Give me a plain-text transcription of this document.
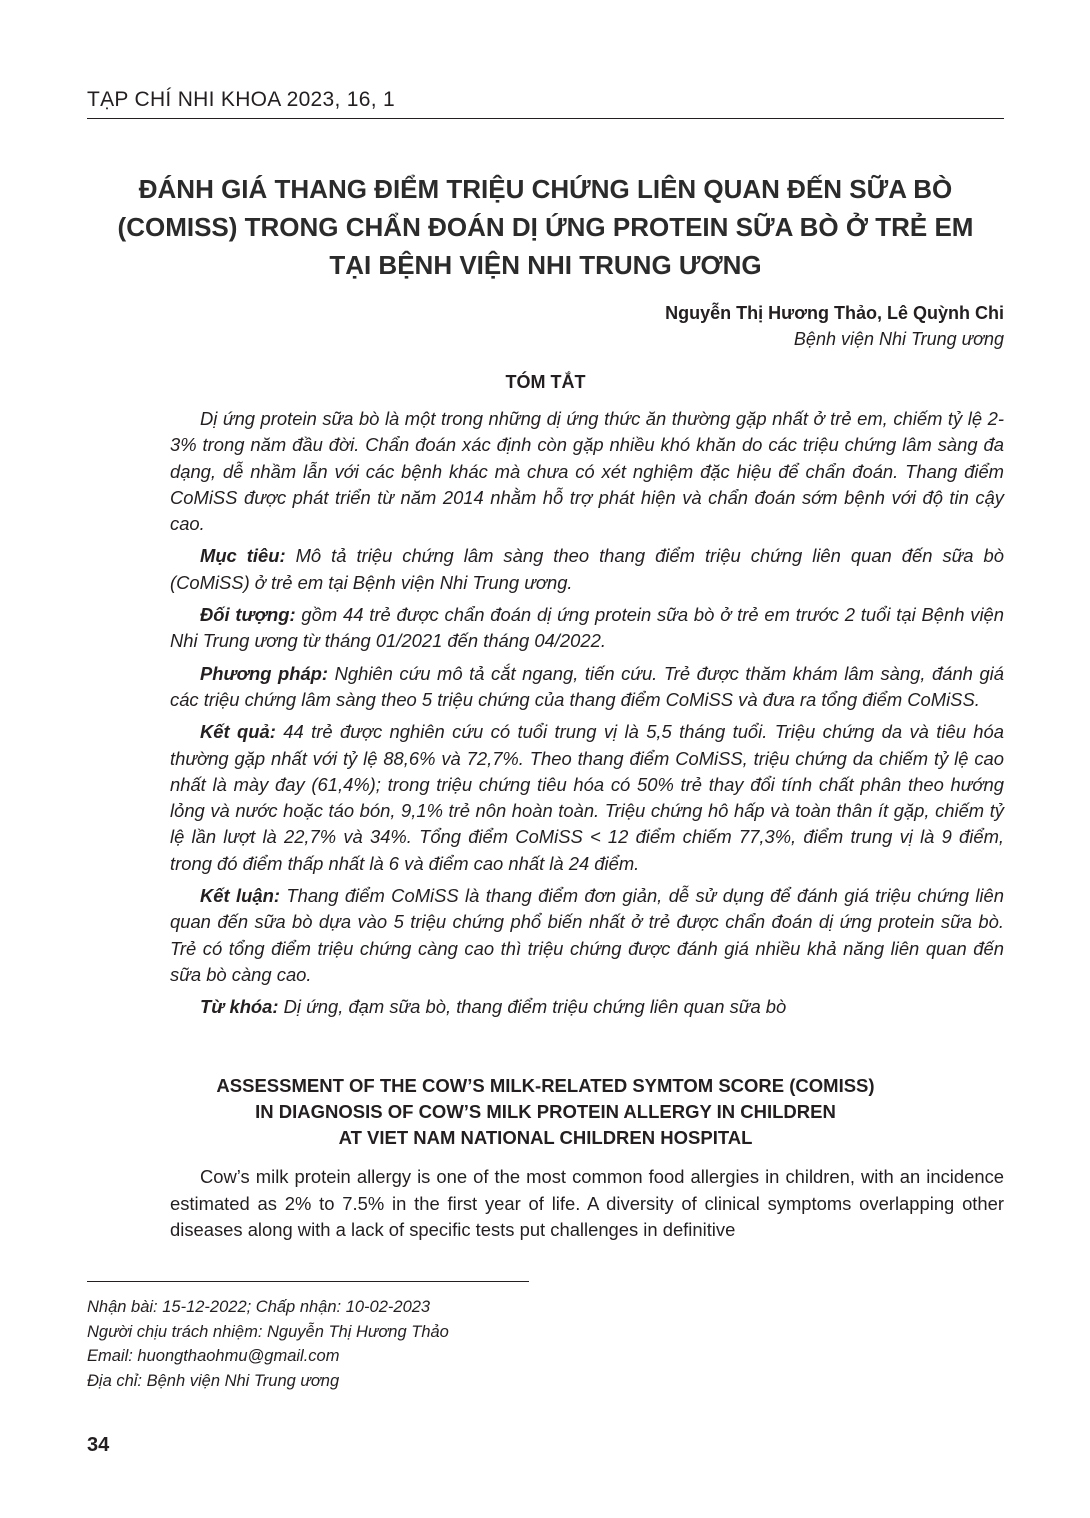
TẠP CHÍ NHI KHOA 2023, 16, 1
ĐÁNH GIÁ THANG ĐIỂM TRIỆU CHỨNG LIÊN QUAN ĐẾN SỮA BÒ
(COMISS) TRONG CHẨN ĐOÁN DỊ ỨNG PROTEIN SỮA BÒ Ở TRẺ EM
TẠI BỆNH VIỆN NHI TRUNG ƯƠNG
Nguyễn Thị Hương Thảo, Lê Quỳnh Chi
Bệnh viện Nhi Trung ương
TÓM TẮT

Dị ứng protein sữa bò là một trong những dị ứng thức ăn thường gặp nhất ở trẻ em, chiếm tỷ lệ 2-3% trong năm đầu đời. Chẩn đoán xác định còn gặp nhiều khó khăn do các triệu chứng lâm sàng đa dạng, dễ nhầm lẫn với các bệnh khác mà chưa có xét nghiệm đặc hiệu để chẩn đoán. Thang điểm CoMiSS được phát triển từ năm 2014 nhằm hỗ trợ phát hiện và chẩn đoán sớm bệnh với độ tin cậy cao.

Mục tiêu: Mô tả triệu chứng lâm sàng theo thang điểm triệu chứng liên quan đến sữa bò (CoMiSS) ở trẻ em tại Bệnh viện Nhi Trung ương.

Đối tượng: gồm 44 trẻ được chẩn đoán dị ứng protein sữa bò ở trẻ em trước 2 tuổi tại Bệnh viện Nhi Trung ương từ tháng 01/2021 đến tháng 04/2022.

Phương pháp: Nghiên cứu mô tả cắt ngang, tiến cứu. Trẻ được thăm khám lâm sàng, đánh giá các triệu chứng lâm sàng theo 5 triệu chứng của thang điểm CoMiSS và đưa ra tổng điểm CoMiSS.

Kết quả: 44 trẻ được nghiên cứu có tuổi trung vị là 5,5 tháng tuổi. Triệu chứng da và tiêu hóa thường gặp nhất với tỷ lệ 88,6% và 72,7%. Theo thang điểm CoMiSS, triệu chứng da chiếm tỷ lệ cao nhất là mày đay (61,4%); trong triệu chứng tiêu hóa có 50% trẻ thay đổi tính chất phân theo hướng lỏng và nước hoặc táo bón, 9,1% trẻ nôn hoàn toàn. Triệu chứng hô hấp và toàn thân ít gặp, chiếm tỷ lệ lần lượt là 22,7% và 34%. Tổng điểm CoMiSS < 12 điểm chiếm 77,3%, điểm trung vị là 9 điểm, trong đó điểm thấp nhất là 6 và điểm cao nhất là 24 điểm.

Kết luận: Thang điểm CoMiSS là thang điểm đơn giản, dễ sử dụng để đánh giá triệu chứng liên quan đến sữa bò dựa vào 5 triệu chứng phổ biến nhất ở trẻ được chẩn đoán dị ứng protein sữa bò. Trẻ có tổng điểm triệu chứng càng cao thì triệu chứng được đánh giá nhiều khả năng liên quan đến sữa bò càng cao.

Từ khóa: Dị ứng, đạm sữa bò, thang điểm triệu chứng liên quan sữa bò

ASSESSMENT OF THE COW’S MILK-RELATED SYMTOM SCORE (COMISS)
IN DIAGNOSIS OF COW’S MILK PROTEIN ALLERGY IN CHILDREN
AT VIET NAM NATIONAL CHILDREN HOSPITAL

Cow’s milk protein allergy is one of the most common food allergies in children, with an incidence estimated as 2% to 7.5% in the first year of life. A diversity of clinical symptoms overlapping other diseases along with a lack of specific tests put challenges in definitive

Nhận bài: 15-12-2022; Chấp nhận: 10-02-2023
Người chịu trách nhiệm: Nguyễn Thị Hương Thảo
Email: huongthaohmu@gmail.com
Địa chỉ: Bệnh viện Nhi Trung ương
34
